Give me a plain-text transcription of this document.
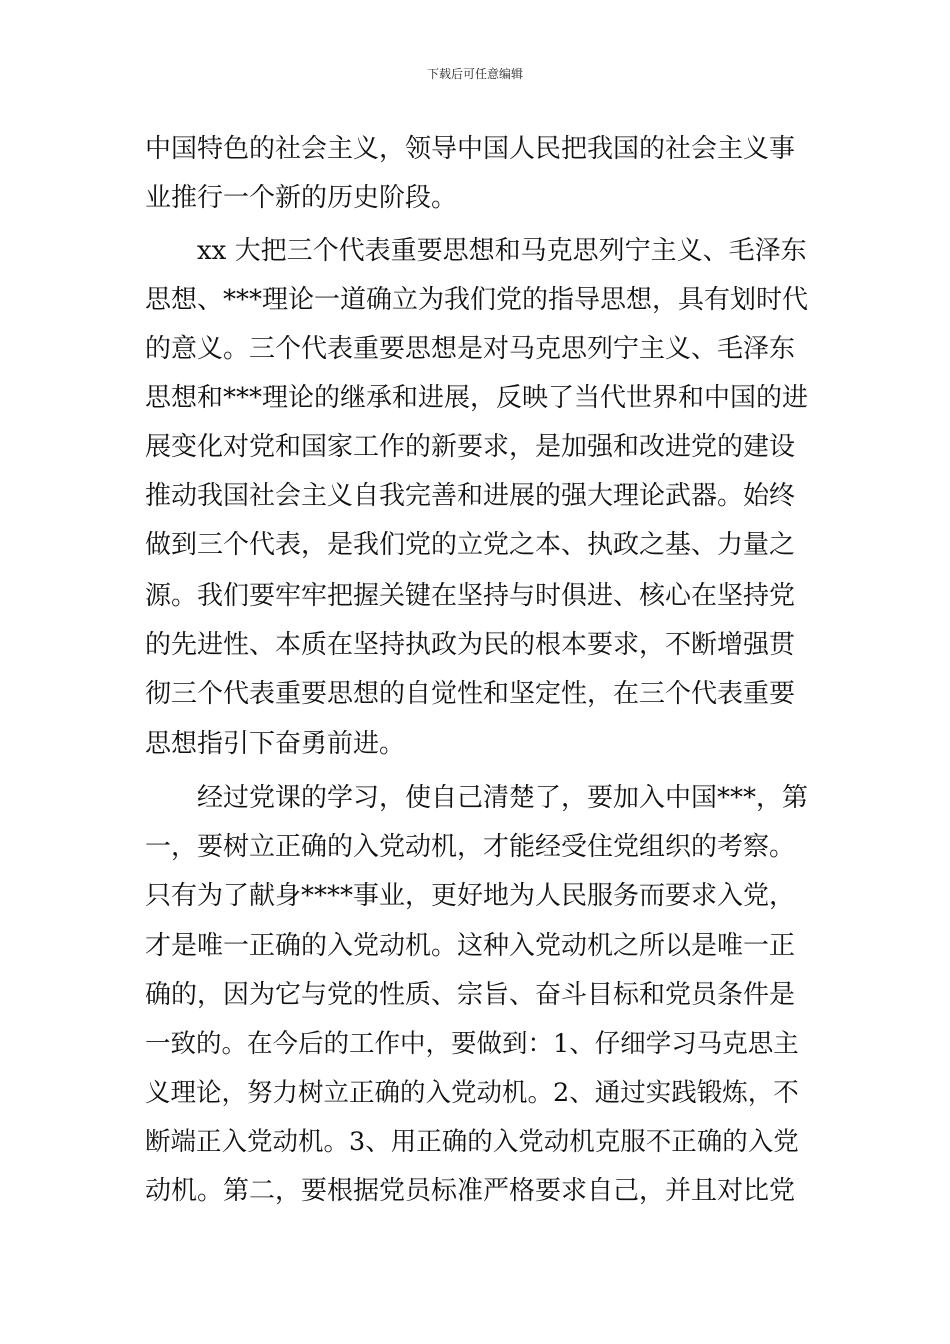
下载后可任意编辑
中国特色的社会主义，领导中国人民把我国的社会主义事
业推行一个新的历史阶段。
xx 大把三个代表重要思想和马克思列宁主义、毛泽东
思想、***理论一道确立为我们党的指导思想，具有划时代
的意义。三个代表重要思想是对马克思列宁主义、毛泽东
思想和***理论的继承和进展，反映了当代世界和中国的进
展变化对党和国家工作的新要求，是加强和改进党的建设
推动我国社会主义自我完善和进展的强大理论武器。始终
做到三个代表，是我们党的立党之本、执政之基、力量之
源。我们要牢牢把握关键在坚持与时俱进、核心在坚持党
的先进性、本质在坚持执政为民的根本要求，不断增强贯
彻三个代表重要思想的自觉性和坚定性，在三个代表重要
思想指引下奋勇前进。
经过党课的学习，使自己清楚了，要加入中国***，第
一，要树立正确的入党动机，才能经受住党组织的考察。
只有为了献身****事业，更好地为人民服务而要求入党，
才是唯一正确的入党动机。这种入党动机之所以是唯一正
确的，因为它与党的性质、宗旨、奋斗目标和党员条件是
一致的。在今后的工作中，要做到：1、仔细学习马克思主
义理论，努力树立正确的入党动机。2、通过实践锻炼，不
断端正入党动机。3、用正确的入党动机克服不正确的入党
动机。第二，要根据党员标准严格要求自己，并且对比党
